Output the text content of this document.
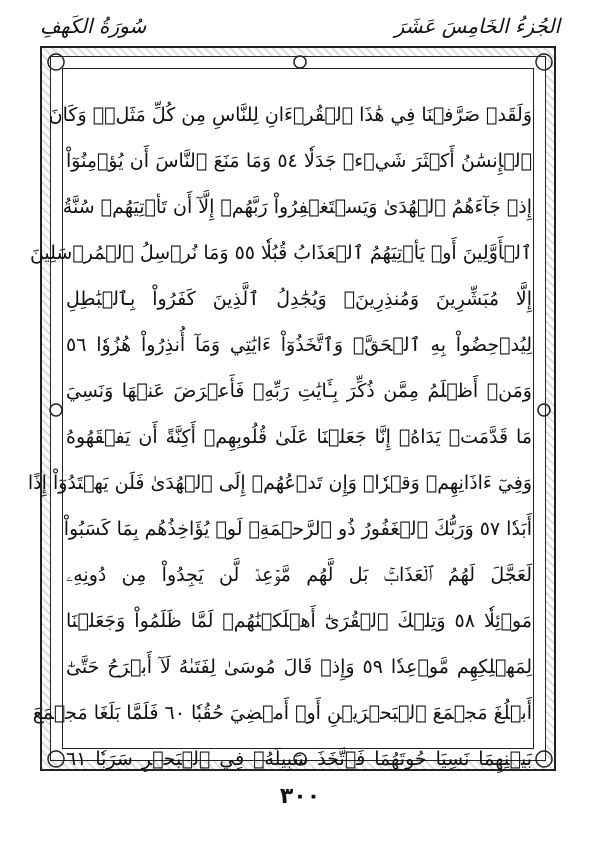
الجُزءُ الخَامِسَ عَشَرَ
سُورَةُ الكَهفِ
وَلَقَدۡ صَرَّفۡنَا فِي هَٰذَا ٱلۡقُرۡءَانِ لِلنَّاسِ مِن كُلِّ مَثَلٖۚ وَكَانَ
ٱلۡإِنسَٰنُ أَكۡثَرَ شَيۡءٖ جَدَلٗا ٥٤ وَمَا مَنَعَ ٱلنَّاسَ أَن يُؤۡمِنُوٓاْ
إِذۡ جَآءَهُمُ ٱلۡهُدَىٰ وَيَسۡتَغۡفِرُواْ رَبَّهُمۡ إِلَّآ أَن تَأۡتِيَهُمۡ سُنَّةُ
ٱلۡأَوَّلِينَ أَوۡ يَأۡتِيَهُمُ ٱلۡعَذَابُ قُبُلٗا ٥٥ وَمَا نُرۡسِلُ ٱلۡمُرۡسَلِينَ
إِلَّا مُبَشِّرِينَ وَمُنذِرِينَۚ وَيُجَٰدِلُ ٱلَّذِينَ كَفَرُواْ بِٱلۡبَٰطِلِ
لِيُدۡحِضُواْ بِهِ ٱلۡحَقَّۖ وَٱتَّخَذُوٓاْ ءَايَٰتِي وَمَآ أُنذِرُواْ هُزُوٗا ٥٦
وَمَنۡ أَظۡلَمُ مِمَّن ذُكِّرَ بِـَٔايَٰتِ رَبِّهِۦ فَأَعۡرَضَ عَنۡهَا وَنَسِيَ
مَا قَدَّمَتۡ يَدَاهُۚ إِنَّا جَعَلۡنَا عَلَىٰ قُلُوبِهِمۡ أَكِنَّةً أَن يَفۡقَهُوهُ
وَفِيٓ ءَاذَانِهِمۡ وَقۡرٗاۖ وَإِن تَدۡعُهُمۡ إِلَى ٱلۡهُدَىٰ فَلَن يَهۡتَدُوٓاْ إِذًا
أَبَدٗا ٥٧ وَرَبُّكَ ٱلۡغَفُورُ ذُو ٱلرَّحۡمَةِۖ لَوۡ يُؤَاخِذُهُم بِمَا كَسَبُواْ
لَعَجَّلَ لَهُمُ ٱلۡعَذَابَۚ بَل لَّهُم مَّوۡعِدٞ لَّن يَجِدُواْ مِن دُونِهِۦ
مَوۡئِلٗا ٥٨ وَتِلۡكَ ٱلۡقُرَىٰٓ أَهۡلَكۡنَٰهُمۡ لَمَّا ظَلَمُواْ وَجَعَلۡنَا
لِمَهۡلِكِهِم مَّوۡعِدٗا ٥٩ وَإِذۡ قَالَ مُوسَىٰ لِفَتَىٰهُ لَآ أَبۡرَحُ حَتَّىٰٓ
أَبۡلُغَ مَجۡمَعَ ٱلۡبَحۡرَيۡنِ أَوۡ أَمۡضِيَ حُقُبٗا ٦٠ فَلَمَّا بَلَغَا مَجۡمَعَ
بَيۡنِهِمَا نَسِيَا حُوتَهُمَا فَٱتَّخَذَ سَبِيلَهُۥ فِي ٱلۡبَحۡرِ سَرَبٗا ٦١
٣٠٠
